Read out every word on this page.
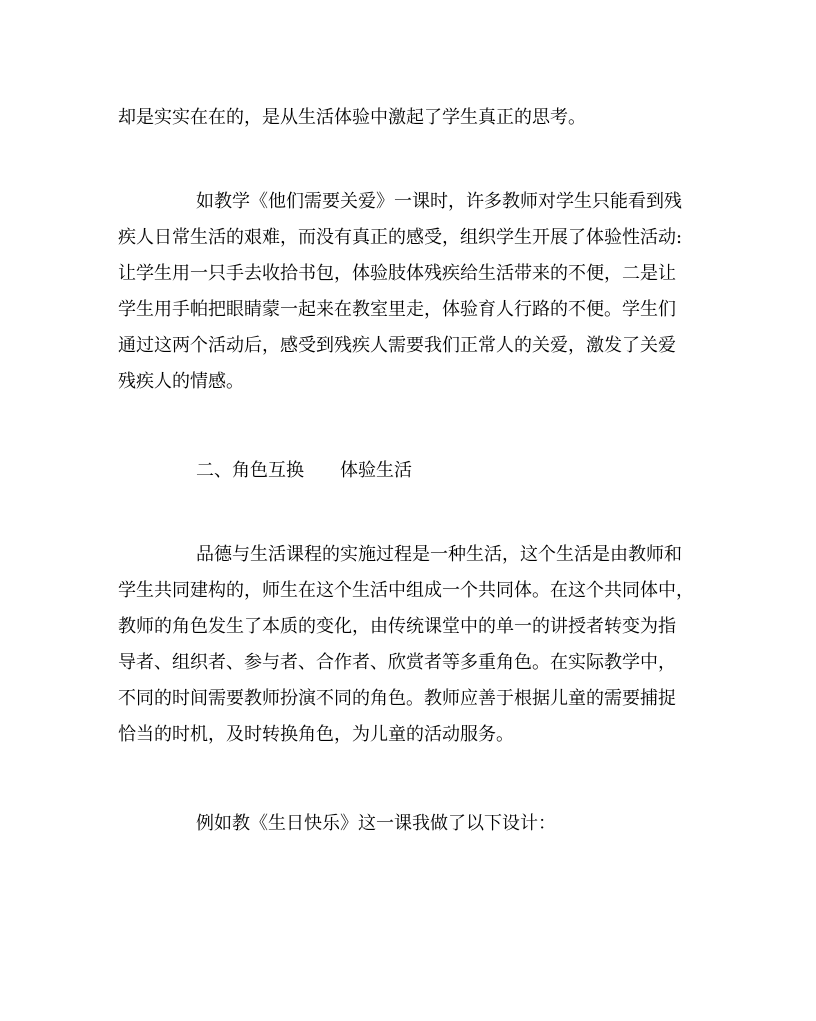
却是实实在在的，是从生活体验中激起了学生真正的思考。
如教学《他们需要关爱》一课时，许多教师对学生只能看到残
疾人日常生活的艰难，而没有真正的感受，组织学生开展了体验性活动:
让学生用一只手去收拾书包，体验肢体残疾给生活带来的不便，二是让
学生用手帕把眼睛蒙一起来在教室里走，体验育人行路的不便。学生们
通过这两个活动后，感受到残疾人需要我们正常人的关爱，激发了关爱
残疾人的情感。
二、角色互换　　体验生活
品德与生活课程的实施过程是一种生活，这个生活是由教师和
学生共同建构的，师生在这个生活中组成一个共同体。在这个共同体中，
教师的角色发生了本质的变化，由传统课堂中的单一的讲授者转变为指
导者、组织者、参与者、合作者、欣赏者等多重角色。在实际教学中，
不同的时间需要教师扮演不同的角色。教师应善于根据儿童的需要捕捉
恰当的时机，及时转换角色，为儿童的活动服务。
例如教《生日快乐》这一课我做了以下设计：
